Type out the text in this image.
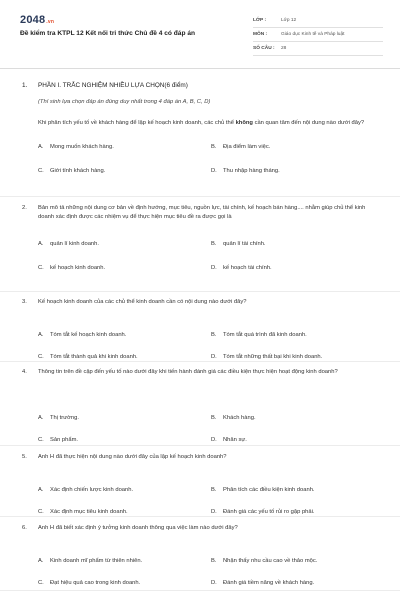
2048.vn
Đề kiểm tra KTPL 12 Kết nối tri thức Chủ đề 4 có đáp án
LỚP :	Lớp 12
MÔN :	Giáo dục Kinh tế và Pháp luật
SỐ CÂU :	28
1. PHẦN I. TRẮC NGHIỆM NHIỀU LỰA CHỌN(6 điểm)
(Thí sinh lựa chọn đáp án đúng duy nhất trong 4 đáp án A, B, C, D)
Khi phân tích yếu tố về khách hàng để lập kế hoạch kinh doanh, các chủ thể không cần quan tâm đến nội dung nào dưới đây?
A.	Mong muốn khách hàng.	B.	Địa điểm làm việc.
C.	Giới tính khách hàng.	D.	Thu nhập hàng tháng.
2.	Bản mô tả những nội dung cơ bản về định hướng, mục tiêu, nguồn lực, tài chính, kế hoạch bán hàng.... nhằm giúp chủ thể kinh doanh xác định được các nhiệm vụ để thực hiện mục tiêu đề ra được gọi là
A.	quản lí kinh doanh.	B.	quản lí tài chính.
C.	kế hoạch kinh doanh.	D.	kế hoạch tài chính.
3.	Kế hoạch kinh doanh của các chủ thể kinh doanh cần có nội dung nào dưới đây?
A.	Tóm tắt kế hoạch kinh doanh.	B.	Tóm tắt quá trình đã kinh doanh.
C.	Tóm tắt thành quả khi kinh doanh.	D.	Tóm tắt những thất bại khi kinh doanh.
4.	Thông tin trên đề cập đến yếu tố nào dưới đây khi tiến hành đánh giá các điều kiện thực hiện hoạt động kinh doanh?
A.	Thị trường.	B.	Khách hàng.
C.	Sản phẩm.	D.	Nhân sự.
5.	Anh H đã thực hiện nội dung nào dưới đây của lập kế hoạch kinh doanh?
A.	Xác định chiến lược kinh doanh.	B.	Phân tích các điều kiện kinh doanh.
C.	Xác định mục tiêu kinh doanh.	D.	Đánh giá các yếu tố rủi ro gặp phải.
6.	Anh H đã biết xác định ý tưởng kinh doanh thông qua việc làm nào dưới đây?
A.	Kinh doanh mĩ phẩm từ thiên nhiên.	B.	Nhận thấy nhu cầu cao về thảo mộc.
C.	Đạt hiệu quả cao trong kinh doanh.	D.	Đánh giá tiềm năng về khách hàng.
